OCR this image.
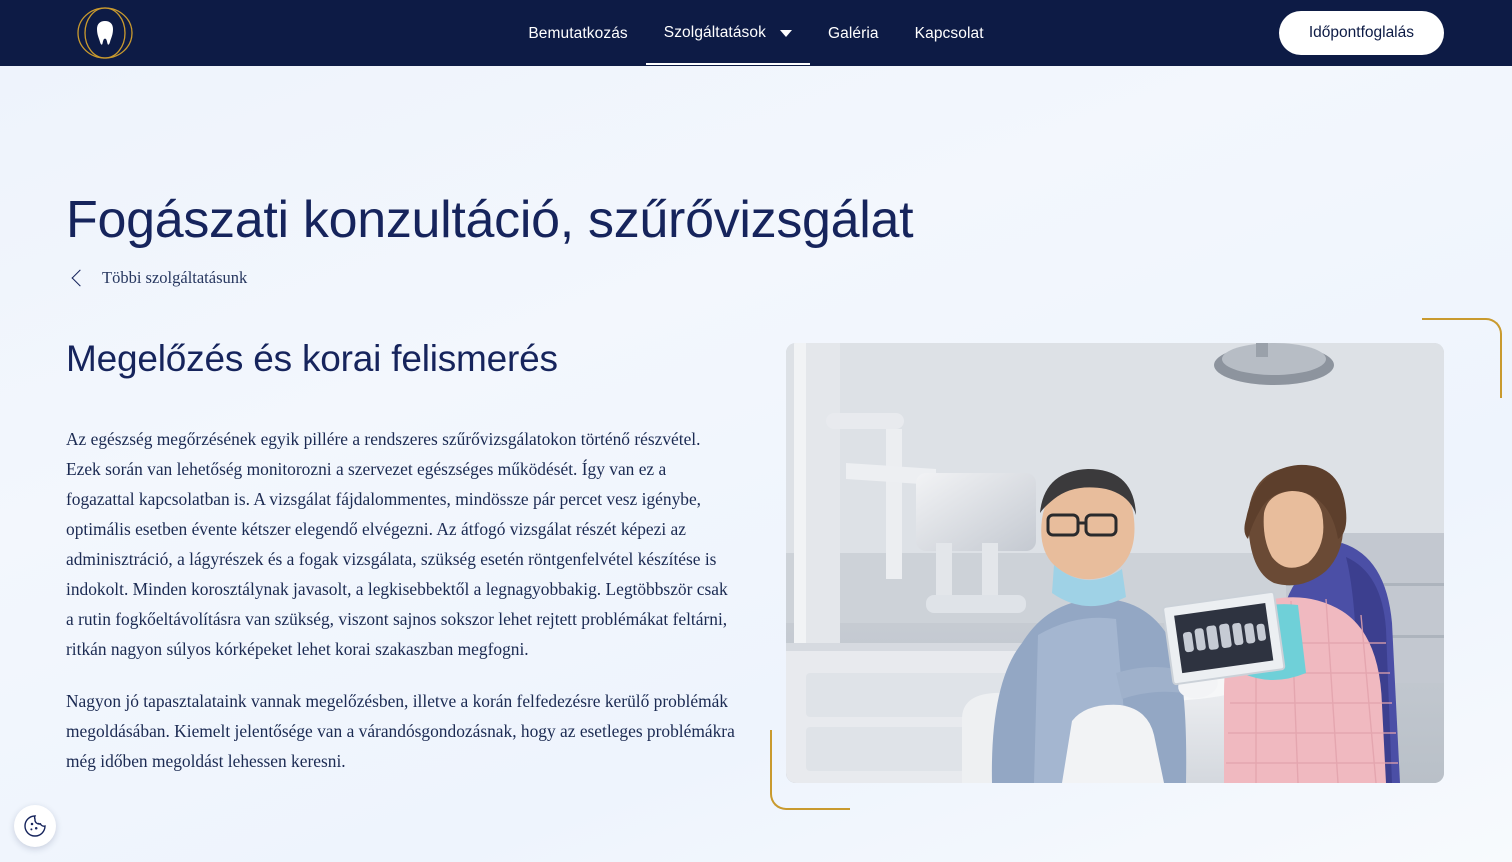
Bemutatkozás	Szolgáltatások	Galéria	Kapcsolat	Időpontfoglalás
Fogászati konzultáció, szűrővizsgálat
Többi szolgáltatásunk
Megelőzés és korai felismerés

Az egészség megőrzésének egyik pillére a rendszeres szűrővizsgálatokon történő részvétel. Ezek során van lehetőség monitorozni a szervezet egészséges működését. Így van ez a fogazattal kapcsolatban is. A vizsgálat fájdalommentes, mindössze pár percet vesz igénybe, optimális esetben évente kétszer elegendő elvégezni. Az átfogó vizsgálat részét képezi az adminisztráció, a lágyrészek és a fogak vizsgálata, szükség esetén röntgenfelvétel készítése is indokolt. Minden korosztálynak javasolt, a legkisebbektől a legnagyobbakig. Legtöbbször csak a rutin fogkőeltávolításra van szükség, viszont sajnos sokszor lehet rejtett problémákat feltárni, ritkán nagyon súlyos kórképeket lehet korai szakaszban megfogni.

Nagyon jó tapasztalataink vannak megelőzésben, illetve a korán felfedezésre kerülő problémák megoldásában. Kiemelt jelentősége van a várandósgondozásnak, hogy az esetleges problémákra még időben megoldást lehessen keresni.
